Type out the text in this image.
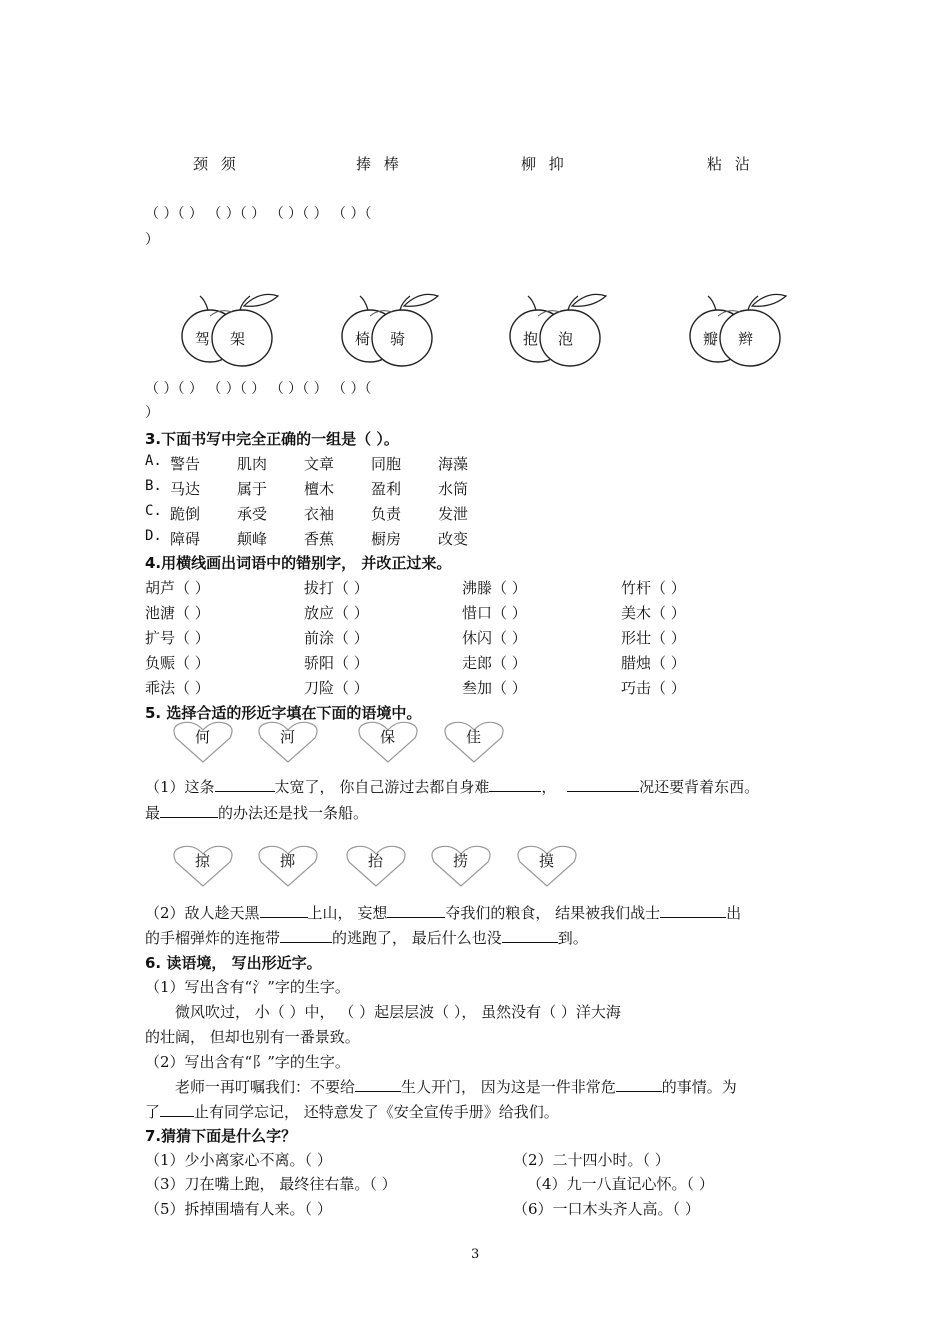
颈 须	捧 棒	柳 抑	粘 沾
（ ）（ ） （ ）（ ） （ ）（ ） （ ）（
）
驾 架	椅 骑	抱 泡	瓣 辫
（ ）（ ） （ ）（ ） （ ）（ ） （ ）（
）
3.下面书写中完全正确的一组是（ ）。
A. 警告 肌肉 文章 同胞 海藻
B. 马达 属于 檀木 盈利 水筒
C. 跪倒 承受 衣袖 负责 发泄
D. 障碍 颠峰 香蕉 橱房 改变
4.用横线画出词语中的错别字， 并改正过来。
胡芦（ ）	拔打（ ）	沸滕（ ）	竹杆（ ）
池溏（ ）	放应（ ）	惜口（ ）	美木（ ）
扩号（ ）	前涂（ ）	休闪（ ）	形壮（ ）
负赈（ ）	骄阳（ ）	走郎（ ）	腊烛（ ）
乖法（ ）	刀险（ ）	叁加（ ）	巧击（ ）
5. 选择合适的形近字填在下面的语境中。
何	河	保	佳
（1）这条	太宽了， 你自己游过去都自身难	，	况还要背着东西。
最	的办法还是找一条船。
掠	掷	抬	捞	摸
（2）敌人趁天黑	上山， 妄想	夺我们的粮食， 结果被我们战士	出
的手榴弹炸的连拖带	的逃跑了， 最后什么也没	到。
6. 读语境， 写出形近字。
（1）写出含有“氵”字的生字。
微风吹过， 小（ ）中， （ ）起层层波（ ）， 虽然没有（ ）洋大海
的壮阔， 但却也别有一番景致。
（2）写出含有“阝”字的生字。
老师一再叮嘱我们：不要给	生人开门， 因为这是一件非常危	的事情。为
了 止有同学忘记， 还特意发了《安全宣传手册》给我们。
7.猜猜下面是什么字？
（1）少小离家心不离。（ ）	（2）二十四小时。（ ）
（3）刀在嘴上跑， 最终往右靠。（ ）	（4）九一八直记心怀。（ ）
（5）拆掉围墙有人来。（ ）	（6）一口木头齐人高。（ ）
3
